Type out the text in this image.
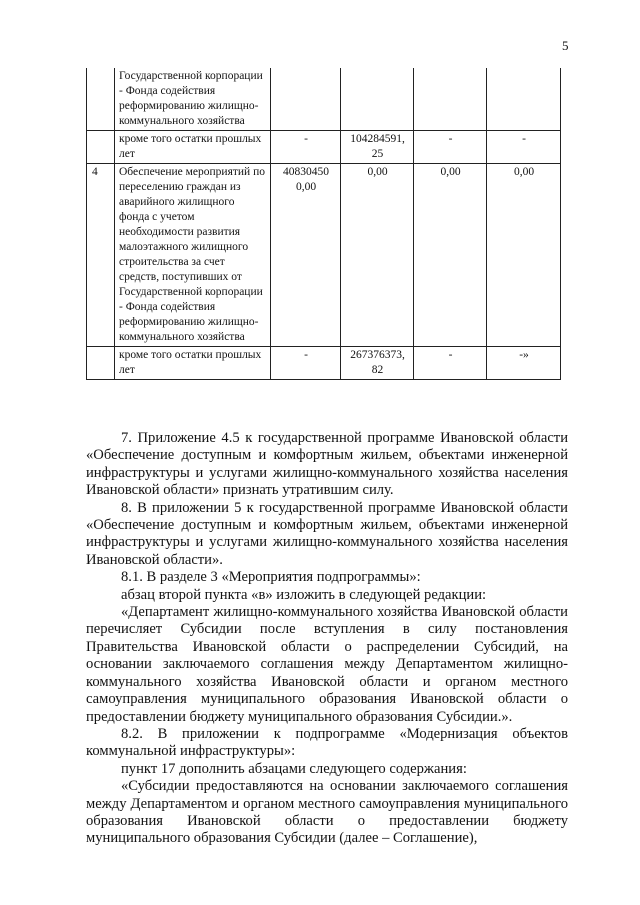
5
	Государственной корпорации - Фонда содействия реформированию жилищно-коммунального хозяйства				
	кроме того остатки прошлых лет	-	104284591, 25	-	-
4	Обеспечение мероприятий по переселению граждан из аварийного жилищного фонда с учетом необходимости развития малоэтажного жилищного строительства за счет средств, поступивших от Государственной корпорации - Фонда содействия реформированию жилищно-коммунального хозяйства	40830450 0,00	0,00	0,00	0,00
	кроме того остатки прошлых лет	-	267376373, 82	-	-»

7. Приложение 4.5 к государственной программе Ивановской области «Обеспечение доступным и комфортным жильем, объектами инженерной инфраструктуры и услугами жилищно-коммунального хозяйства населения Ивановской области» признать утратившим силу.

8. В приложении 5 к государственной программе Ивановской области «Обеспечение доступным и комфортным жильем, объектами инженерной инфраструктуры и услугами жилищно-коммунального хозяйства населения Ивановской области».

8.1. В разделе 3 «Мероприятия подпрограммы»:

абзац второй пункта «в» изложить в следующей редакции:

«Департамент жилищно-коммунального хозяйства Ивановской области перечисляет Субсидии после вступления в силу постановления Правительства Ивановской области о распределении Субсидий, на основании заключаемого соглашения между Департаментом жилищно-коммунального хозяйства Ивановской области и органом местного самоуправления муниципального образования Ивановской области о предоставлении бюджету муниципального образования Субсидии.».

8.2. В приложении к подпрограмме «Модернизация объектов коммунальной инфраструктуры»:

пункт 17 дополнить абзацами следующего содержания:

«Субсидии предоставляются на основании заключаемого соглашения между Департаментом и органом местного самоуправления муниципального образования Ивановской области о предоставлении бюджету муниципального образования Субсидии (далее – Соглашение),
